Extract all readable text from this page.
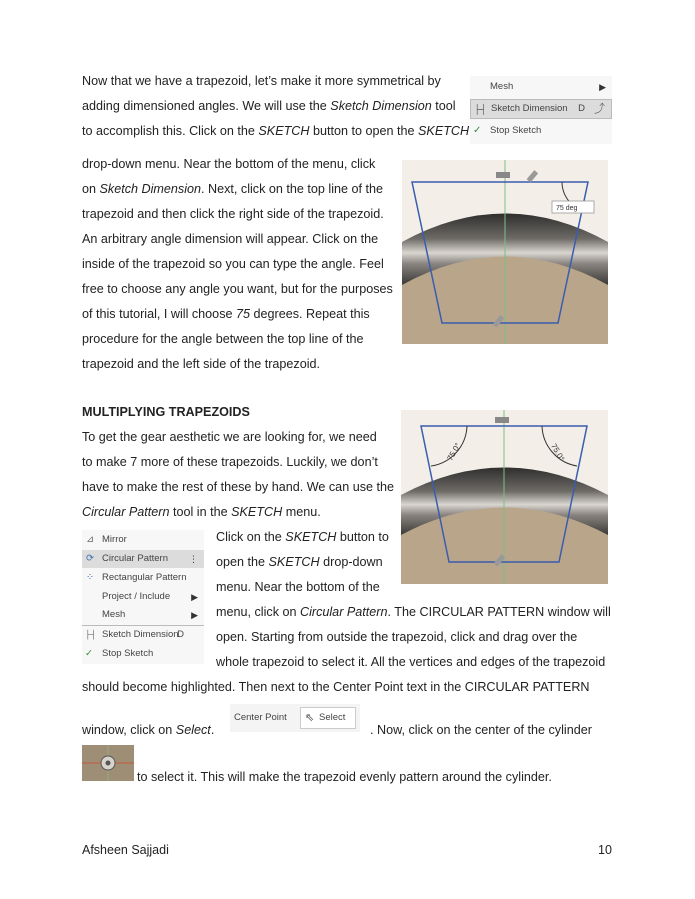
Now that we have a trapezoid, let’s make it more symmetrical by
adding dimensioned angles. We will use the Sketch Dimension tool
to accomplish this. Click on the SKETCH button to open the SKETCH
drop-down menu. Near the bottom of the menu, click
on Sketch Dimension. Next, click on the top line of the
trapezoid and then click the right side of the trapezoid.
An arbitrary angle dimension will appear. Click on the
inside of the trapezoid so you can type the angle. Feel
free to choose any angle you want, but for the purposes
of this tutorial, I will choose 75 degrees. Repeat this
procedure for the angle between the top line of the
trapezoid and the left side of the trapezoid.
Mesh	▶
├┤ Sketch Dimension D ⤴
✓ Stop Sketch
75 deg
MULTIPLYING TRAPEZOIDS
75.0°	75.0°
To get the gear aesthetic we are looking for, we need
to make 7 more of these trapezoids. Luckily, we don’t
have to make the rest of these by hand. We can use the
Circular Pattern tool in the SKETCH menu.
Click on the SKETCH button to
open the SKETCH drop-down
menu. Near the bottom of the
menu, click on Circular Pattern. The CIRCULAR PATTERN window will
open. Starting from outside the trapezoid, click and drag over the
whole trapezoid to select it. All the vertices and edges of the trapezoid
should become highlighted. Then next to the Center Point text in the CIRCULAR PATTERN
window, click on Select.	. Now, click on the center of the cylinder
to select it. This will make the trapezoid evenly pattern around the cylinder.
⊿ Mirror
⟳ Circular Pattern ⋮
⁘ Rectangular Pattern
Project / Include ▶
Mesh	▶
├┤ Sketch Dimension
D
✓ Stop Sketch
Center Point ⇖ Select
Afsheen Sajjadi	10
